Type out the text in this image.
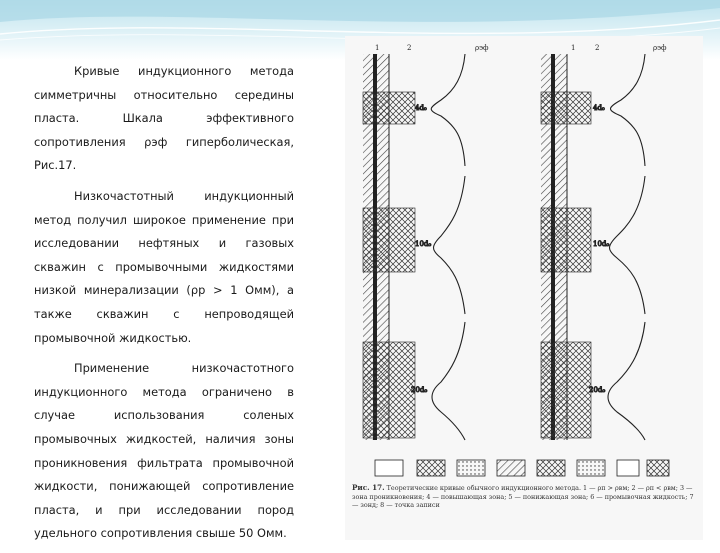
Кривые индукционного метода симметричны относительно середины пласта. Шкала эффективного сопротивления ρэф гиперболическая, Рис.17.

Низкочастотный индукционный метод получил широкое применение при исследовании нефтяных и газовых скважин с промывочными жидкостями низкой минерализации (ρр > 1 Омм), а также скважин с непроводящей промывочной жидкостью.

Применение низкочастотного индукционного метода ограничено в случае использования соленых промывочных жидкостей, наличия зоны проникновения фильтрата промывочной жидкости, понижающей сопротивление пласта, и при исследовании пород удельного сопротивления свыше 50 Омм.

1	2	ρэф	1	2	ρэф
4d₀
10d₀
20d₀
4d₀
10d₀
20d₀
Рис. 17. Теоретические кривые обычного индукционного метода. 1 — ρп > ρвм; 2 — ρп < ρвм; 3 — зона проникновения; 4 — повышающая зона; 5 — понижающая зона; 6 — промывочная жидкость; 7 — зонд; 8 — точка записи
